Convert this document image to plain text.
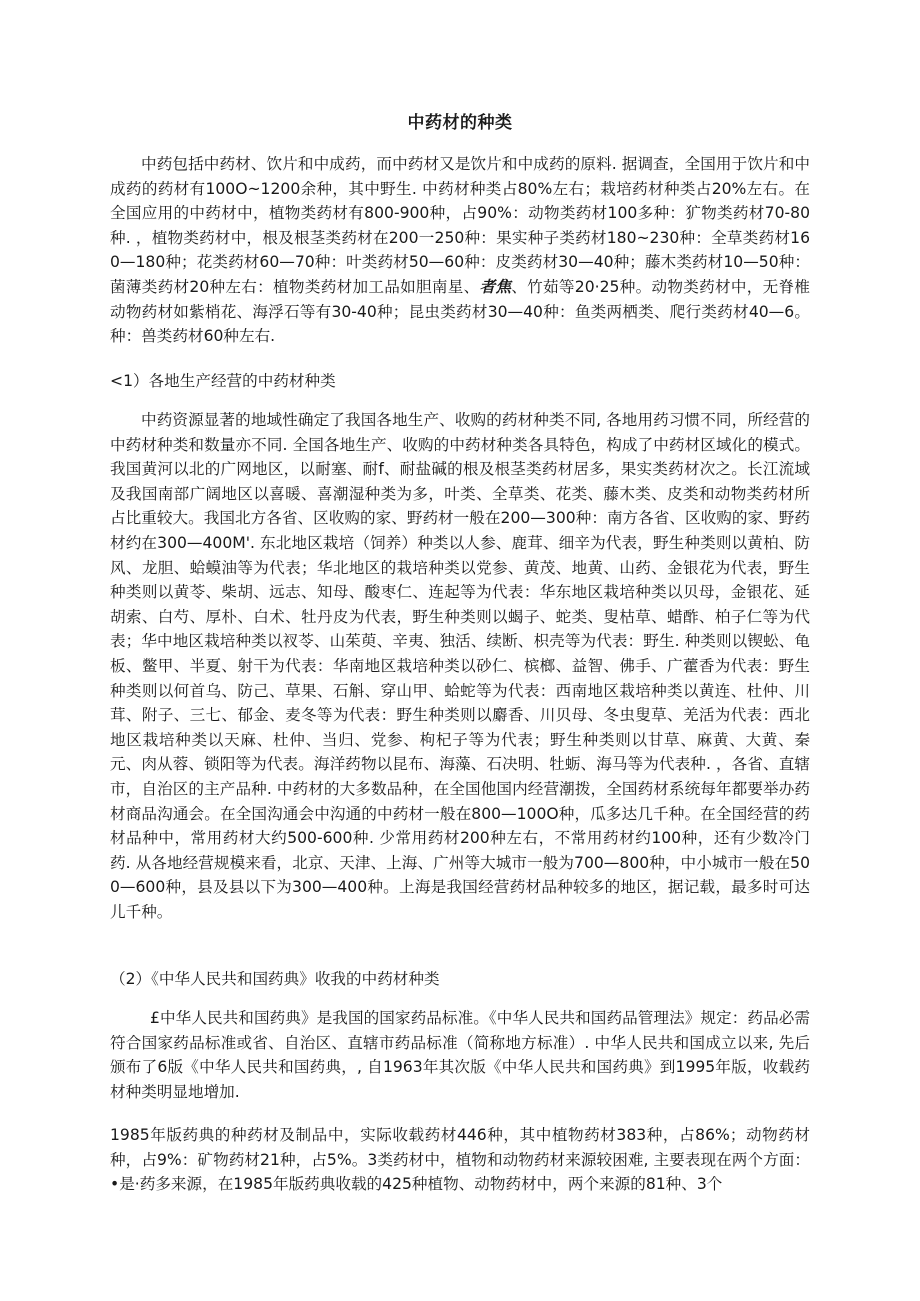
中药材的种类

中药包括中药材、饮片和中成药，而中药材又是饮片和中成药的原料. 据调查，全国用于饮片和中成药的药材有100O~1200余种，其中野生. 中药材种类占80%左右；栽培药材种类占20%左右。在全国应用的中药材中，植物类药材有800-900种，占90%：动物类药材100多种：犷物类药材70-80种. ，植物类药材中，根及根茎类药材在200一250种：果实种子类药材180~230种：全草类药材160—180种；花类药材60—70种：叶类药材50—60种：皮类药材30—40种；藤木类药材10—50种：菌薄类药材20种左右：植物类药材加工品如胆南星、者焦、竹茹等20·25种。动物类药材中，无脊椎动物药材如紫梢花、海浮石等有30-40种；昆虫类药材30—40种：鱼类两栖类、爬行类药材40—6。种：兽类药材60种左右.

<1）各地生产经营的中药材种类

中药资源显著的地域性确定了我国各地生产、收购的药材种类不同, 各地用药习惯不同，所经营的中药材种类和数量亦不同. 全国各地生产、收购的中药材种类各具特色，构成了中药材区域化的模式。我国黄河以北的广网地区，以耐塞、耐f、耐盐碱的根及根茎类药材居多，果实类药材次之。长江流域及我国南部广阔地区以喜暖、喜潮湿种类为多，叶类、全草类、花类、藤木类、皮类和动物类药材所占比重较大。我国北方各省、区收购的家、野药材一般在200—300种：南方各省、区收购的家、野药材约在300—400M'. 东北地区栽培（饲养）种类以人参、鹿茸、细辛为代表，野生种类则以黄柏、防风、龙胆、蛤蟆油等为代表；华北地区的栽培种类以党参、黄茂、地黄、山药、金银花为代表，野生种类则以黄苓、柴胡、远志、知母、酸枣仁、连起等为代表：华东地区栽培种类以贝母，金银花、延胡索、白芍、厚朴、白术、牡丹皮为代表，野生种类则以蝎子、蛇类、叟枯草、蜡酢、柏子仁等为代表；华中地区栽培种类以衩苓、山茱萸、辛夷、独活、续断、枳壳等为代表：野生. 种类则以锲蚣、龟板、鳖甲、半夏、射干为代表：华南地区栽培种类以砂仁、槟榔、益智、佛手、广藿香为代表：野生种类则以何首乌、防己、草果、石斛、穿山甲、蛤蛇等为代表：西南地区栽培种类以黄连、杜仲、川茸、附子、三七、郁金、麦冬等为代表：野生种类则以麝香、川贝母、冬虫叟草、羌活为代表：西北地区栽培种类以天麻、杜仲、当归、党参、枸杞子等为代表；野生种类则以甘草、麻黄、大黄、秦元、肉从蓉、锁阳等为代表。海洋药物以昆布、海藻、石决明、牡蛎、海马等为代表种. ，各省、直辖市，自治区的主产品种. 中药材的大多数品种，在全国他国内经营潮拨，全国药材系统每年都要举办药材商品沟通会。在全国沟通会中沟通的中药材一般在800—100O种，瓜多达几千种。在全国经营的药材品种中，常用药材大约500-600种. 少常用药材200种左右，不常用药材约100种，还有少数冷门药. 从各地经营规模来看，北京、天津、上海、广州等大城市一般为700—800种，中小城市一般在500—600种，县及县以下为300—400种。上海是我国经营药材品种较多的地区，据记载，最多时可达儿千种。

（2）《中华人民共和国药典》收我的中药材种类

£中华人民共和国药典》是我国的国家药品标准。《中华人民共和国药品管理法》规定：药品必需符合国家药品标准或省、自治区、直辖市药品标准（简称地方标准）. 中华人民共和国成立以来, 先后颁布了6版《中华人民共和国药典，, 自1963年其次版《中华人民共和国药典》到1995年版，收载药材种类明显地增加.

1985年版药典的种药材及制品中，实际收载药材446种，其中植物药材383种，占86%；动物药材种，占9%：矿物药材21种，占5%。3类药材中，植物和动物药材来源较困难, 主要表现在两个方面：•是·药多来源，在1985年版药典收载的425种植物、动物药材中，两个来源的81种、3个
